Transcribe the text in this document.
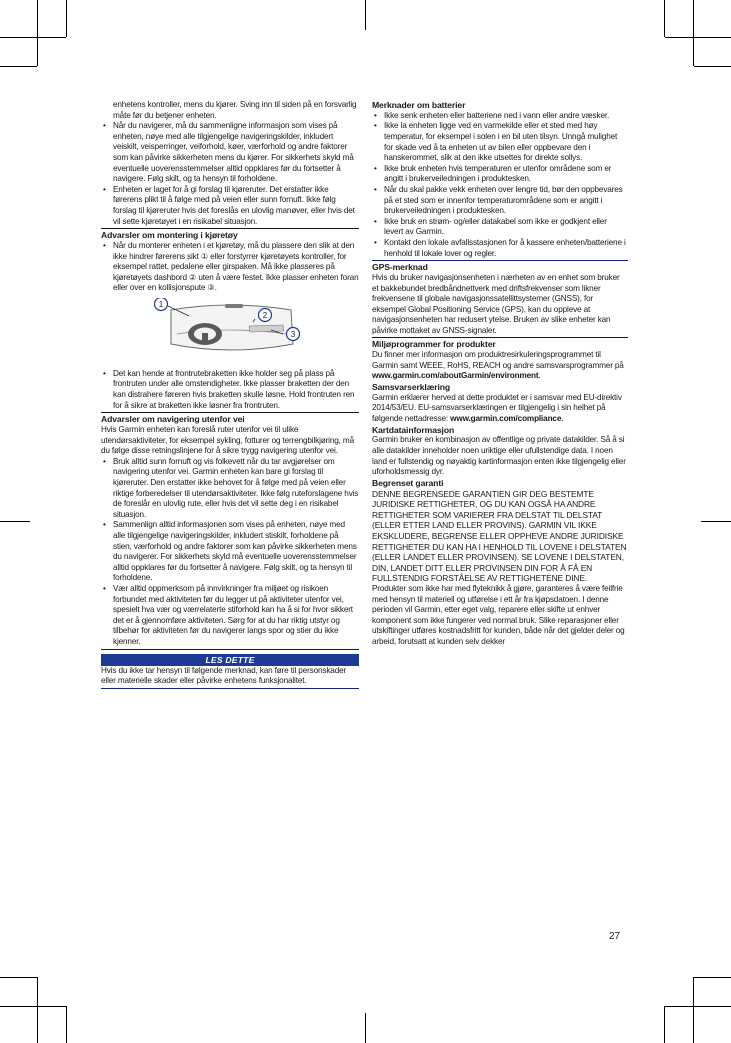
enhetens kontroller, mens du kjører. Sving inn til siden på en forsvarlig måte før du betjener enheten.

• Når du navigerer, må du sammenligne informasjon som vises på enheten, nøye med alle tilgjengelige navigeringskilder, inkludert veiskilt, veisperringer, veiforhold, køer, værforhold og andre faktorer som kan påvirke sikkerheten mens du kjører. For sikkerhets skyld må eventuelle uoverensstemmelser alltid oppklares før du fortsetter å navigere. Følg skilt, og ta hensyn til forholdene.
• Enheten er laget for å gi forslag til kjøreruter. Det erstatter ikke førerens plikt til å følge med på veien eller sunn fornuft. Ikke følg forslag til kjøreruter hvis det foreslås en ulovlig manøver, eller hvis det vil sette kjøretøyet i en risikabel situasjon.
Advarsler om montering i kjøretøy
• Når du monterer enheten i et kjøretøy, må du plassere den slik at den ikke hindrer førerens sikt ① eller forstyrrer kjøretøyets kontroller, for eksempel rattet, pedalene eller girspaken. Må ikke plasseres på kjøretøyets dashbord ② uten å være festet. Ikke plasser enheten foran eller over en kollisjonspute ③.
1
2
3
• Det kan hende at frontrutebraketten ikke holder seg på plass på frontruten under alle omstendigheter. Ikke plasser braketten der den kan distrahere føreren hvis braketten skulle løsne. Hold frontruten ren for å sikre at braketten ikke løsner fra frontruten.
Advarsler om navigering utenfor vei

Hvis Garmin enheten kan foreslå ruter utenfor vei til ulike utendørsaktiviteter, for eksempel sykling, fotturer og terrengbilkjøring, må du følge disse retningslinjene for å sikre trygg navigering utenfor vei.

• Bruk alltid sunn fornuft og vis folkevett når du tar avgjørelser om navigering utenfor vei. Garmin enheten kan bare gi forslag til kjøreruter. Den erstatter ikke behovet for å følge med på veien eller riktige forberedelser til utendørsaktiviteter. Ikke følg ruteforslagene hvis de foreslår en ulovlig rute, eller hvis det vil sette deg i en risikabel situasjon.
• Sammenlign alltid informasjonen som vises på enheten, nøye med alle tilgjengelige navigeringskilder, inkludert stiskilt, forholdene på stien, værforhold og andre faktorer som kan påvirke sikkerheten mens du navigerer. For sikkerhets skyld må eventuelle uoverensstemmelser alltid oppklares før du fortsetter å navigere. Følg skilt, og ta hensyn til forholdene.
• Vær alltid oppmerksom på innvirkninger fra miljøet og risikoen forbundet med aktiviteten før du legger ut på aktiviteter utenfor vei, spesielt hva vær og værrelaterte stiforhold kan ha å si for hvor sikkert det er å gjennomføre aktiviteten. Sørg for at du har riktig utstyr og tilbehør for aktiviteten før du navigerer langs spor og stier du ikke kjenner.
LES DETTE

Hvis du ikke tar hensyn til følgende merknad, kan føre til personskader eller materielle skader eller påvirke enhetens funksjonalitet.

Merknader om batterier
• Ikke senk enheten eller batteriene ned i vann eller andre væsker.
• Ikke la enheten ligge ved en varmekilde eller et sted med høy temperatur, for eksempel i solen i en bil uten tilsyn. Unngå mulighet for skade ved å ta enheten ut av bilen eller oppbevare den i hanskerommet, slik at den ikke utsettes for direkte sollys.
• Ikke bruk enheten hvis temperaturen er utenfor områdene som er angitt i brukerveiledningen i produktesken.
• Når du skal pakke vekk enheten over lengre tid, bør den oppbevares på et sted som er innenfor temperaturområdene som er angitt i brukerveiledningen i produktesken.
• Ikke bruk en strøm- og/eller datakabel som ikke er godkjent eller levert av Garmin.
• Kontakt den lokale avfallsstasjonen for å kassere enheten/batteriene i henhold til lokale lover og regler.
GPS-merknad

Hvis du bruker navigasjonsenheten i nærheten av en enhet som bruker et bakkebundet bredbåndnettverk med driftsfrekvenser som likner frekvensene til globale navigasjonssatellittsystemer (GNSS), for eksempel Global Positioning Service (GPS), kan du oppleve at navigasjonsenheten har redusert ytelse. Bruken av slike enheter kan påvirke mottaket av GNSS-signaler.

Miljøprogrammer for produkter

Du finner mer informasjon om produktresirkuleringsprogrammet til Garmin samt WEEE, RoHS, REACH og andre samsvarsprogrammer på www.garmin.com/aboutGarmin/environment.

Samsvarserklæring

Garmin erklærer herved at dette produktet er i samsvar med EU-direktiv 2014/53/EU. EU-samsvarserklæringen er tilgjengelig i sin helhet på følgende nettadresse: www.garmin.com/compliance.

Kartdatainformasjon

Garmin bruker en kombinasjon av offentlige og private datakilder. Så å si alle datakilder inneholder noen uriktige eller ufullstendige data. I noen land er fullstendig og nøyaktig kartinformasjon enten ikke tilgjengelig eller uforholdsmessig dyr.

Begrenset garanti

DENNE BEGRENSEDE GARANTIEN GIR DEG BESTEMTE JURIDISKE RETTIGHETER, OG DU KAN OGSÅ HA ANDRE RETTIGHETER SOM VARIERER FRA DELSTAT TIL DELSTAT (ELLER ETTER LAND ELLER PROVINS). GARMIN VIL IKKE EKSKLUDERE, BEGRENSE ELLER OPPHEVE ANDRE JURIDISKE RETTIGHETER DU KAN HA I HENHOLD TIL LOVENE I DELSTATEN (ELLER LANDET ELLER PROVINSEN). SE LOVENE I DELSTATEN, DIN, LANDET DITT ELLER PROVINSEN DIN FOR Å FÅ EN FULLSTENDIG FORSTÅELSE AV RETTIGHETENE DINE.

Produkter som ikke har med flyteknikk å gjøre, garanteres å være feilfrie med hensyn til materiell og utførelse i ett år fra kjøpsdatoen. I denne perioden vil Garmin, etter eget valg, reparere eller skifte ut enhver komponent som ikke fungerer ved normal bruk. Slike reparasjoner eller utskiftinger utføres kostnadsfritt for kunden, både når det gjelder deler og arbeid, forutsatt at kunden selv dekker

27
